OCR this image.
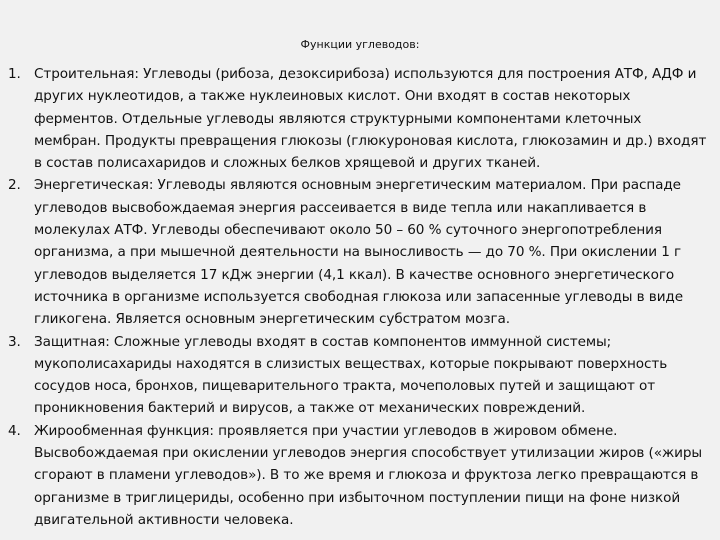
Функции углеводов:
1. Строительная: Углеводы (рибоза, дезоксирибоза) используются для построения АТФ, АДФ и других нуклеотидов, а также нуклеиновых кислот. Они входят в состав некоторых ферментов. Отдельные углеводы являются структурными компонентами клеточных мембран. Продукты превращения глюкозы (глюкуроновая кислота, глюкозамин и др.) входят в состав полисахаридов и сложных белков хрящевой и других тканей.
2. Энергетическая: Углеводы являются основным энергетическим материалом. При распаде углеводов высвобождаемая энергия рассеивается в виде тепла или накапливается в молекулах АТФ. Углеводы обеспечивают около 50 – 60 % суточного энергопотребления организма, а при мышечной деятельности на выносливость — до 70 %. При окислении 1 г углеводов выделяется 17 кДж энергии (4,1 ккал). В качестве основного энергетического источника в организме используется свободная глюкоза или запасенные углеводы в виде гликогена. Является основным энергетическим субстратом мозга.
3. Защитная: Сложные углеводы входят в состав компонентов иммунной системы; мукополисахариды находятся в слизистых веществах, которые покрывают поверхность сосудов носа, бронхов, пищеварительного тракта, мочеполовых путей и защищают от проникновения бактерий и вирусов, а также от механических повреждений.
4. Жирообменная функция: проявляется при участии углеводов в жировом обмене. Высвобождаемая при окислении углеводов энергия способствует утилизации жиров («жиры сгорают в пламени углеводов»). В то же время и глюкоза и фруктоза легко превращаются в организме в триглицериды, особенно при избыточном поступлении пищи на фоне низкой двигательной активности человека.
